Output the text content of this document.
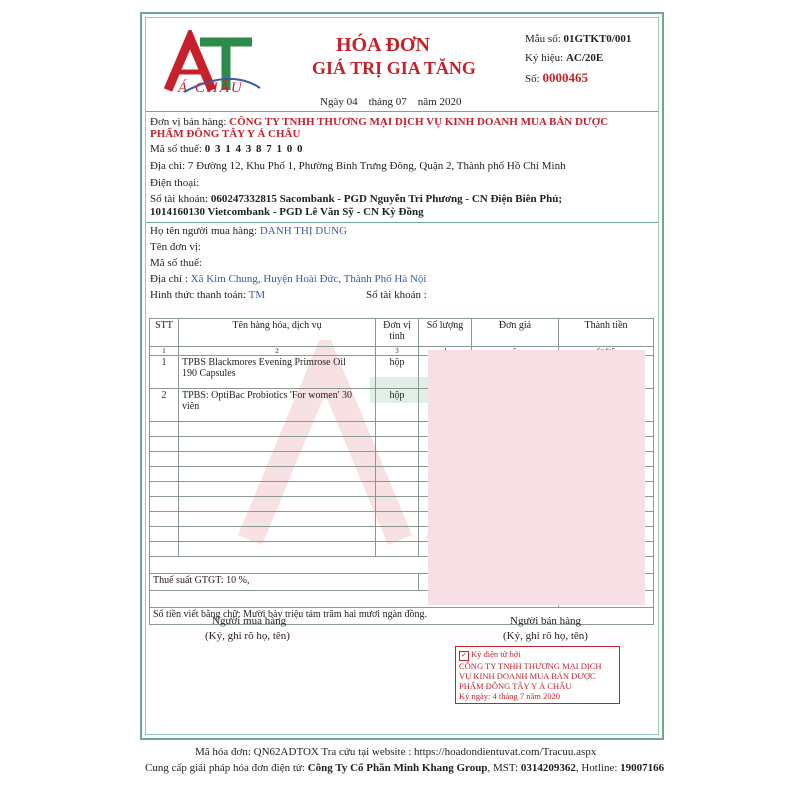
Á CHÂU
HÓA ĐƠN
GIÁ TRỊ GIA TĂNG
Mẫu số: 01GTKT0/001
Ký hiệu: AC/20E
Số: 0000465
Ngày 04 tháng 07 năm 2020
Đơn vị bán hàng: CÔNG TY TNHH THƯƠNG MẠI DỊCH VỤ KINH DOANH MUA BÁN DƯỢC
PHẨM ĐÔNG TÂY Y Á CHÂU
Mã số thuế: 0 3 1 4 3 8 7 1 0 0
Địa chỉ: 7 Đường 12, Khu Phố 1, Phường Bình Trưng Đông, Quận 2, Thành phố Hồ Chí Minh
Điện thoại:
Số tài khoản: 060247332815 Sacombank - PGD Nguyễn Tri Phương - CN Điện Biên Phủ;
1014160130 Vietcombank - PGD Lê Văn Sỹ - CN Kỳ Đồng
Họ tên người mua hàng: DANH THỊ DUNG
Tên đơn vị:
Mã số thuế:
Địa chỉ : Xã Kim Chung, Huyện Hoài Đức, Thành Phố Hà Nội
Hình thức thanh toán: TM	Số tài khoản :
STT	Tên hàng hóa, dịch vụ	Đơn vị tính	Số lượng	Đơn giá	Thành tiền
1	2	3			
1	TPBS Blackmores Evening Primrose Oil
190 Capsules	hộp			
2	TPBS: OptiBac Probiotics 'For women' 30
viên	hộp			

Thuế suất GTGT: 10 %,		

Số tiền viết bằng chữ: Mười bảy triệu tám trăm hai mươi ngàn đồng.					
Người mua hàng
(Ký, ghi rõ họ, tên)
Người bán hàng
(Ký, ghi rõ họ, tên)
✓ Ký điện tử bởi
CÔNG TY TNHH THƯƠNG MẠI DỊCH
VỤ KINH DOANH MUA BÁN DƯỢC
PHẨM ĐÔNG TÂY Y Á CHÂU
Ký ngày: 4 tháng 7 năm 2020
Mã hóa đơn: QN62ADTOX Tra cứu tại website : https://hoadondientuvat.com/Tracuu.aspx
Cung cấp giải pháp hóa đơn điện tử: Công Ty Cổ Phần Minh Khang Group, MST: 0314209362, Hotline: 19007166
